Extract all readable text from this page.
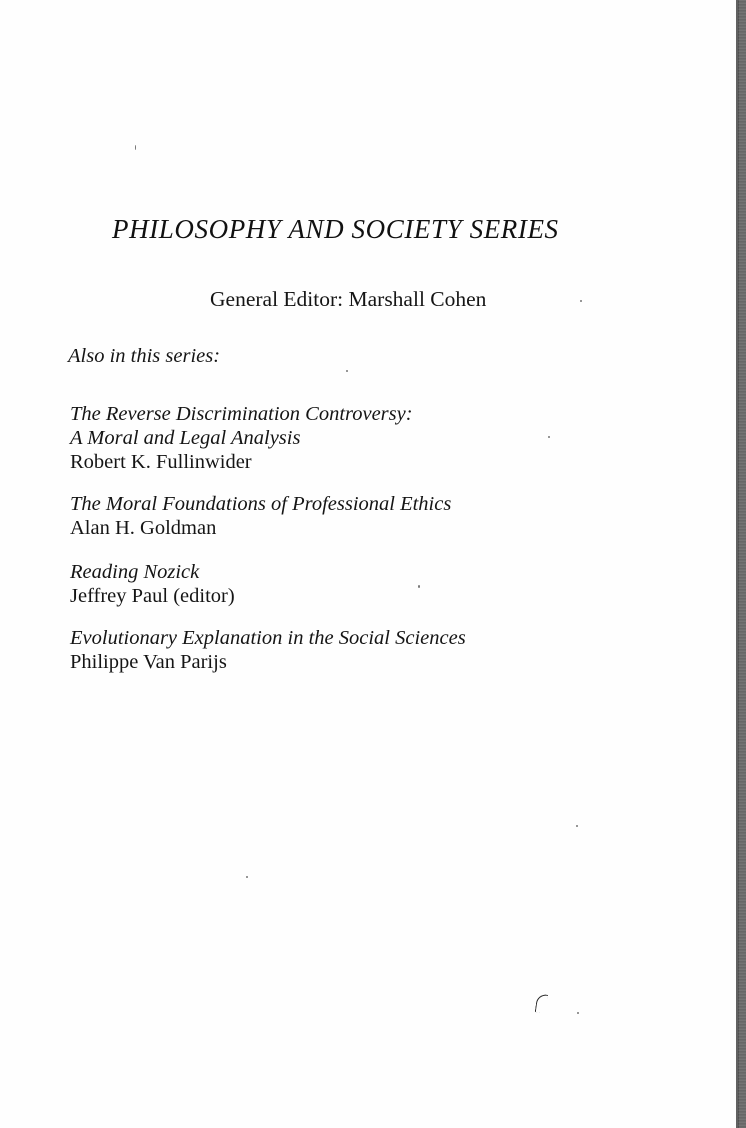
PHILOSOPHY AND SOCIETY SERIES
General Editor: Marshall Cohen
Also in this series:
The Reverse Discrimination Controversy:
A Moral and Legal Analysis
Robert K. Fullinwider
The Moral Foundations of Professional Ethics
Alan H. Goldman
Reading Nozick
Jeffrey Paul (editor)
Evolutionary Explanation in the Social Sciences
Philippe Van Parijs
